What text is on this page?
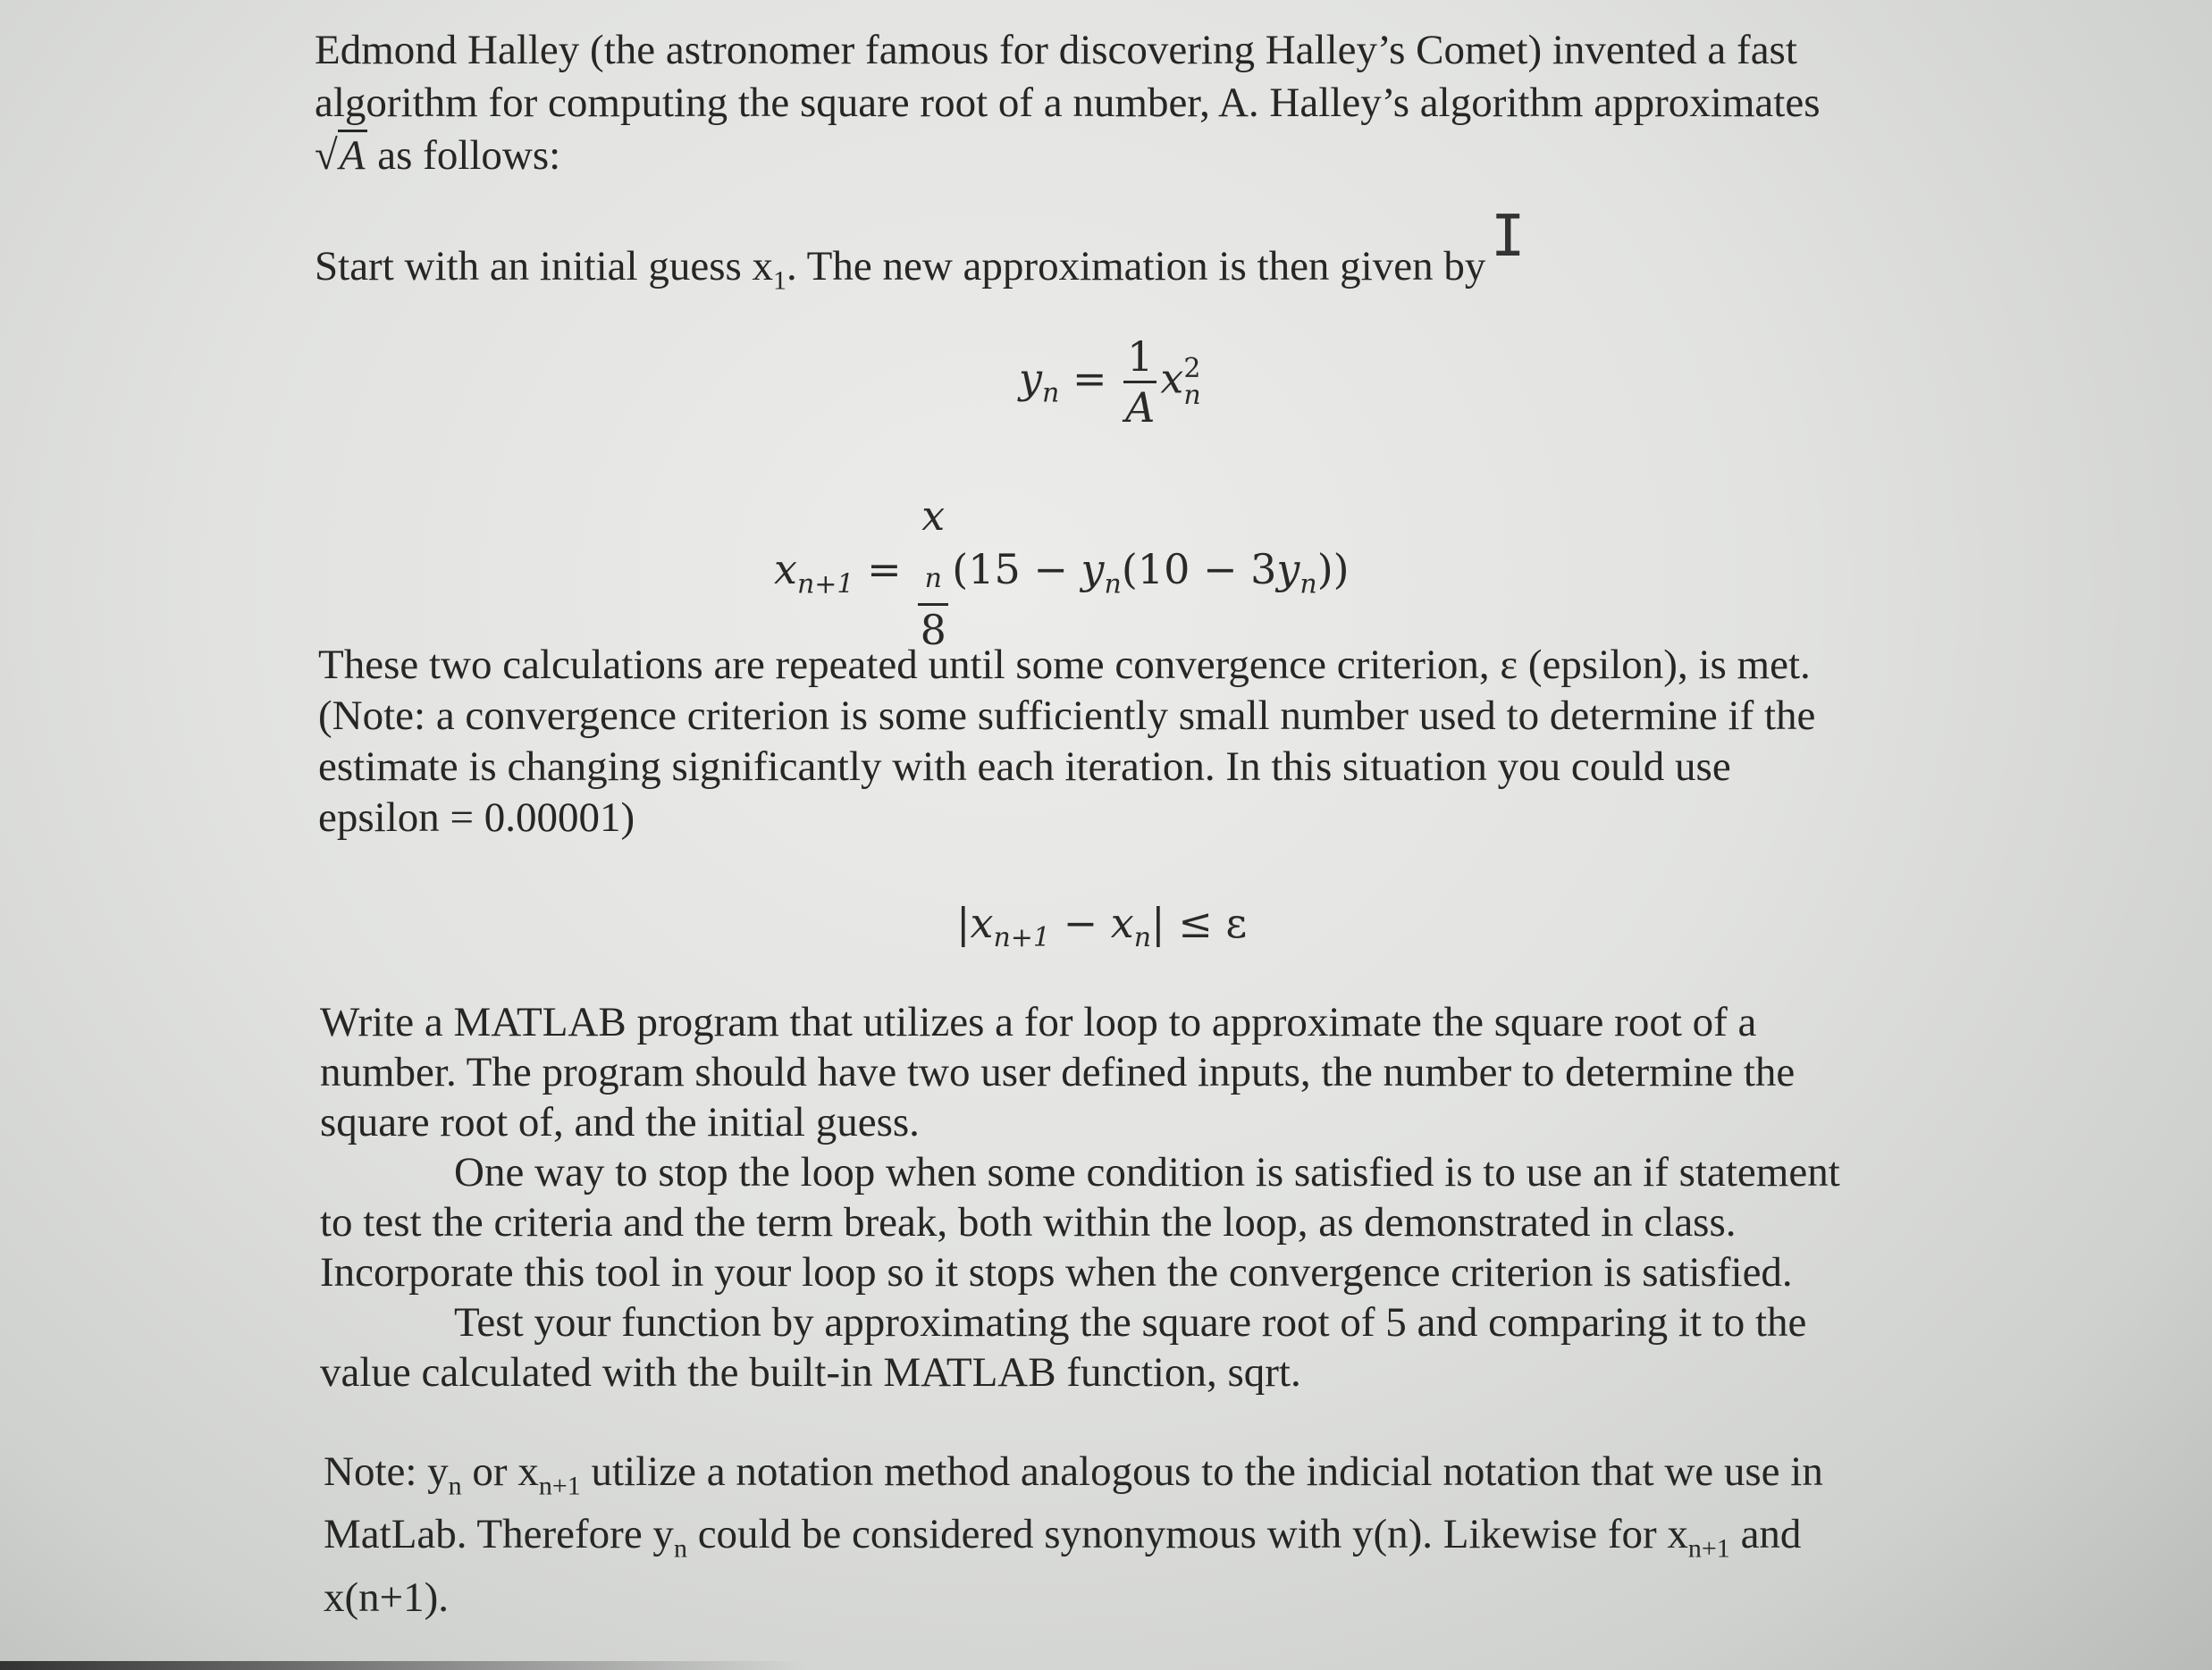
Edmond Halley (the astronomer famous for discovering Halley’s Comet) invented a fast
algorithm for computing the square root of a number, A. Halley’s algorithm approximates
√A as follows:
Start with an initial guess $x_1$. The new approximation is then given by I
$y_n = \frac{1}{A}$ x 2
n
$x_{n+1} = x$
$_n$
8 $(15 - y_n(10 - 3y_n))$
These two calculations are repeated until some convergence criterion, ε (epsilon), is met.
(Note: a convergence criterion is some sufficiently small number used to determine if the
estimate is changing significantly with each iteration. In this situation you could use
epsilon = 0.00001)
$|x_{n+1} - x_n| \le \varepsilon$
Write a MATLAB program that utilizes a for loop to approximate the square root of a
number. The program should have two user defined inputs, the number to determine the
square root of, and the initial guess.
One way to stop the loop when some condition is satisfied is to use an if statement
to test the criteria and the term break, both within the loop, as demonstrated in class.
Incorporate this tool in your loop so it stops when the convergence criterion is satisfied.
Test your function by approximating the square root of 5 and comparing it to the
value calculated with the built-in MATLAB function, sqrt.
Note: $y_n$ or $x_{n+1}$ utilize a notation method analogous to the indicial notation that we use in
MatLab. Therefore $y_n$ could be considered synonymous with y(n). Likewise for $x_{n+1}$ and
x(n+1).
